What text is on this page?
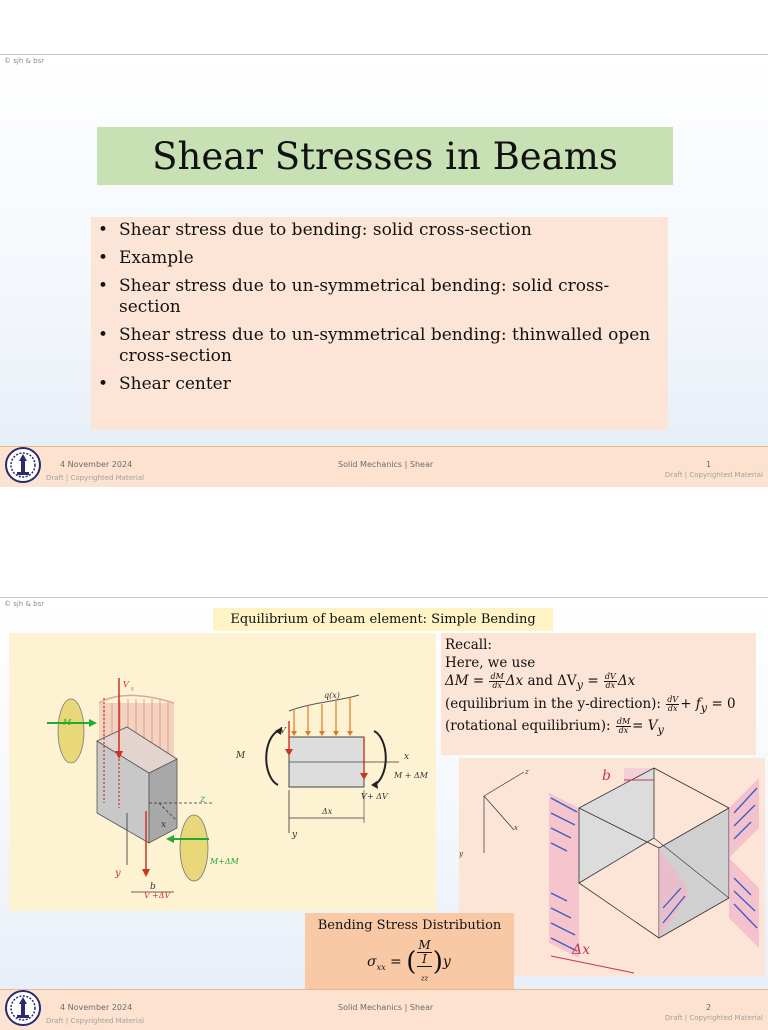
© sjh & bsr
Shear Stresses in Beams
• Shear stress due to bending: solid cross-section
• Example
• Shear stress due to un-symmetrical bending: solid cross-section
• Shear stress due to un-symmetrical bending: thinwalled open cross-section
• Shear center
4 November 2024	Solid Mechanics | Shear	1
Draft | Copyrighted Material	Draft | Copyrighted Material
© sjh & bsr
Equilibrium of beam element: Simple Bending
V y
M
x
z
y
M+ΔM
V +ΔV
b
q(x)
M
V
x
M + ΔM
V + ΔV
Δx
y
Recall:
Here, we use
$\Delta M = \frac{dM}{dx}$ Δx and $\Delta V_y = \frac{dV}{dx}$ Δx
(equilibrium in the y-direction): $\frac{dV}{dx} + f_y = 0$
(rotational equilibrium): $\frac{dM}{dx} = V_y$
z
x
y
b
Δx
Bending Stress Distribution
$\sigma_{xx}$ = ( M
I
$_{zz}$ )y
4 November 2024	Solid Mechanics | Shear	2
Draft | Copyrighted Material	Draft | Copyrighted Material
